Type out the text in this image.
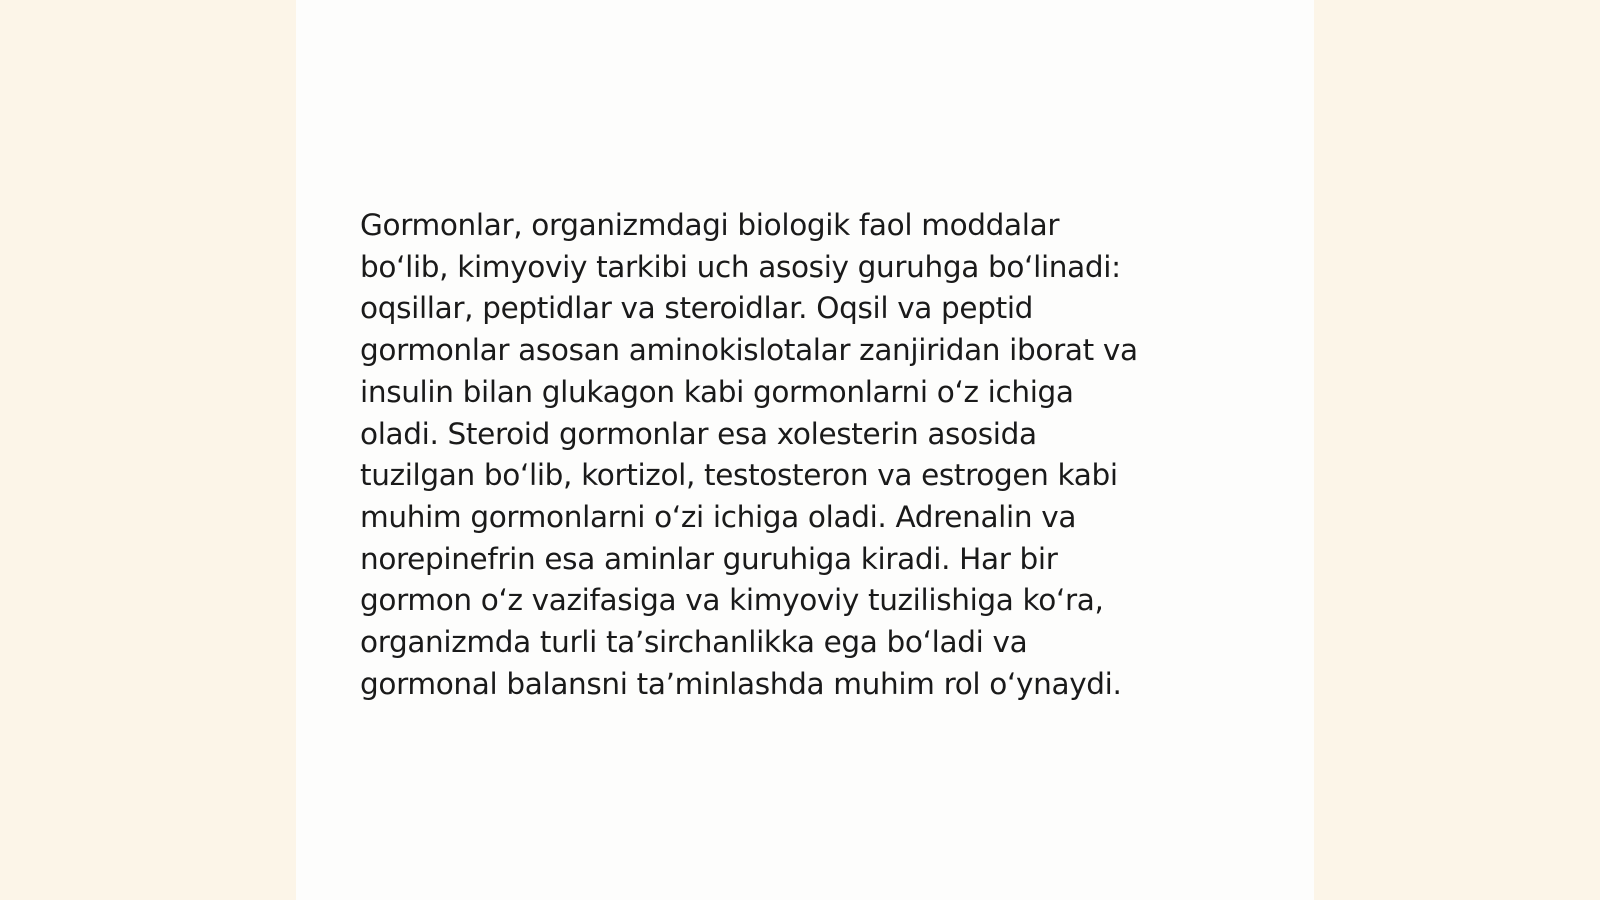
Gormonlar, organizmdagi biologik faol moddalar
bo‘lib, kimyoviy tarkibi uch asosiy guruhga bo‘linadi:
oqsillar, peptidlar va steroidlar. Oqsil va peptid
gormonlar asosan aminokislotalar zanjiridan iborat va
insulin bilan glukagon kabi gormonlarni o‘z ichiga
oladi. Steroid gormonlar esa xolesterin asosida
tuzilgan bo‘lib, kortizol, testosteron va estrogen kabi
muhim gormonlarni o‘zi ichiga oladi. Adrenalin va
norepinefrin esa aminlar guruhiga kiradi. Har bir
gormon o‘z vazifasiga va kimyoviy tuzilishiga ko‘ra,
organizmda turli ta’sirchanlikka ega bo‘ladi va
gormonal balansni ta’minlashda muhim rol o‘ynaydi.
